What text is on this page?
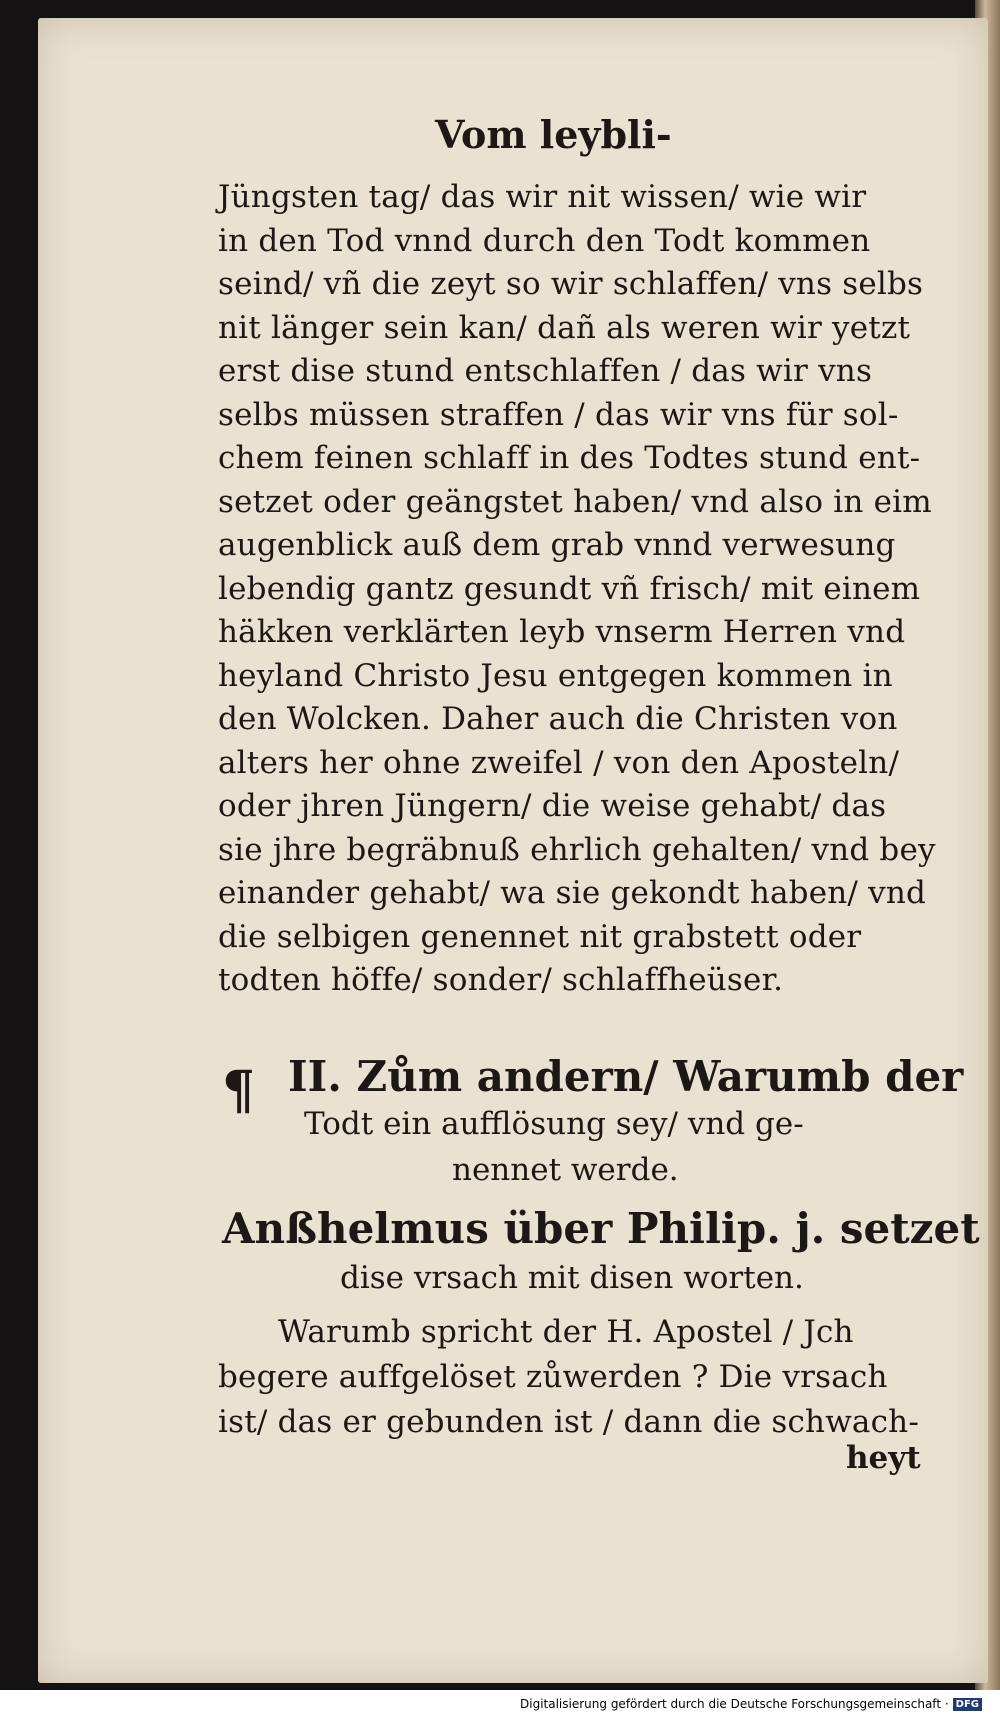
Vom leybli-
Jüngsten tag/ das wir nit wissen/ wie wir
in den Tod vnnd durch den Todt kommen
seind/ vñ die zeyt so wir schlaffen/ vns selbs
nit länger sein kan/ dañ als weren wir yetzt
erst dise stund entschlaffen / das wir vns
selbs müssen straffen / das wir vns für sol-
chem feinen schlaff in des Todtes stund ent-
setzet oder geängstet haben/ vnd also in eim
augenblick auß dem grab vnnd verwesung
lebendig gantz gesundt vñ frisch/ mit einem
häkken verklärten leyb vnserm Herren vnd
heyland Christo Jesu entgegen kommen in
den Wolcken. Daher auch die Christen von
alters her ohne zweifel / von den Aposteln/
oder jhren Jüngern/ die weise gehabt/ das
sie jhre begräbnuß ehrlich gehalten/ vnd bey
einander gehabt/ wa sie gekondt haben/ vnd
die selbigen genennet nit grabstett oder
todten höffe/ sonder/ schlaffheüser.
¶ II. Zům andern/ Warumb der
Todt ein aufflösung sey/ vnd ge-
nennet werde.
Anßhelmus über Philip. j. setzet
dise vrsach mit disen worten.
Warumb spricht der H. Apostel / Jch
begere auffgelöset zůwerden ? Die vrsach
ist/ das er gebunden ist / dann die schwach-
heyt
Digitalisierung gefördert durch die Deutsche Forschungsgemeinschaft · DFG
